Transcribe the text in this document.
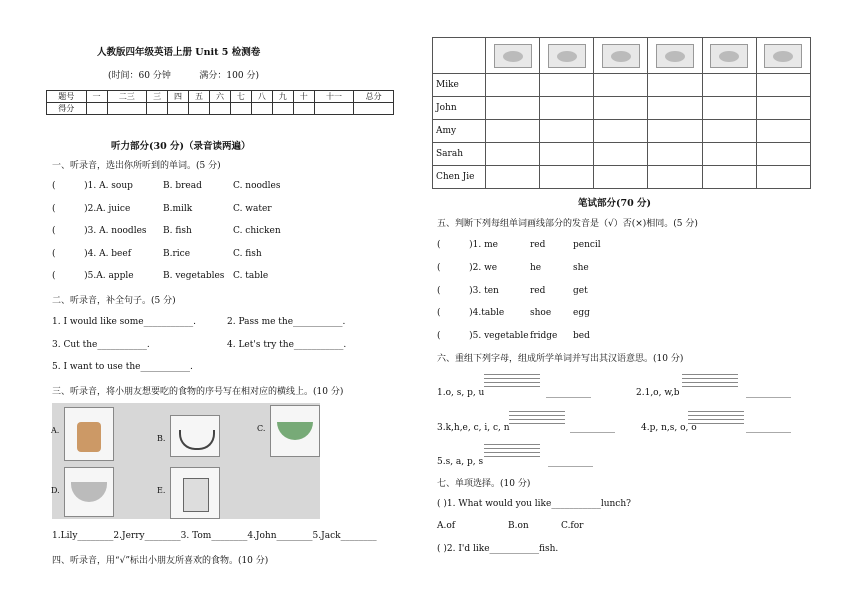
人教版四年级英语上册 Unit 5 检测卷
(时间：60 分钟          满分：100 分)
题号	一	二三	三	四	五	六	七	八	九	十	十一	总分
得分												
听力部分(30 分)（录音读两遍）
一、听录音，选出你所听到的单词。(5 分)
(          )1. A. soup	B. bread	C. noodles
(          )2.A. juice	B.milk	C. water
(          )3. A. noodles B. fish	C. chicken
(          )4. A. beef	B.rice	C. fish
(          )5.A. apple	B. vegetables C. table
二、听录音，补全句子。(5 分)
1. I would like some___________.	2. Pass me the___________.
3. Cut the___________.	4. Let's try the___________.
5. I want to use the___________.
三、听录音，将小朋友想要吃的食物的序号写在相对应的横线上。(10 分)
A.
B.
C.
D.	E.
1.Lily________2.Jerry________3. Tom________4.John________5.Jack________
四、听录音，用“√”标出小朋友所喜欢的食物。(10 分)

Mike						
John						
Amy						
Sarah						
Chen Jie						
笔试部分(70 分)
五、判断下列每组单词画线部分的发音是（√）否(×)相同。(5 分)
(          )1. me	red	pencil
(          )2. we	he	she
(          )3. ten	red	get
(          )4.table	shoe egg
(          )5. vegetable fridge bed
六、重组下列字母，组成所学单词并写出其汉语意思。(10 分)
1.o, s, p, u	__________	2.1,o, w,b	__________
3.k,h,e, c, i, c, n	__________	4.p, n,s, o, o	__________
5.s, a, p, s	__________
七、单项选择。(10 分)
( )1. What would you like___________lunch?
A.of	B.on	C.for
( )2. I'd like___________fish.
